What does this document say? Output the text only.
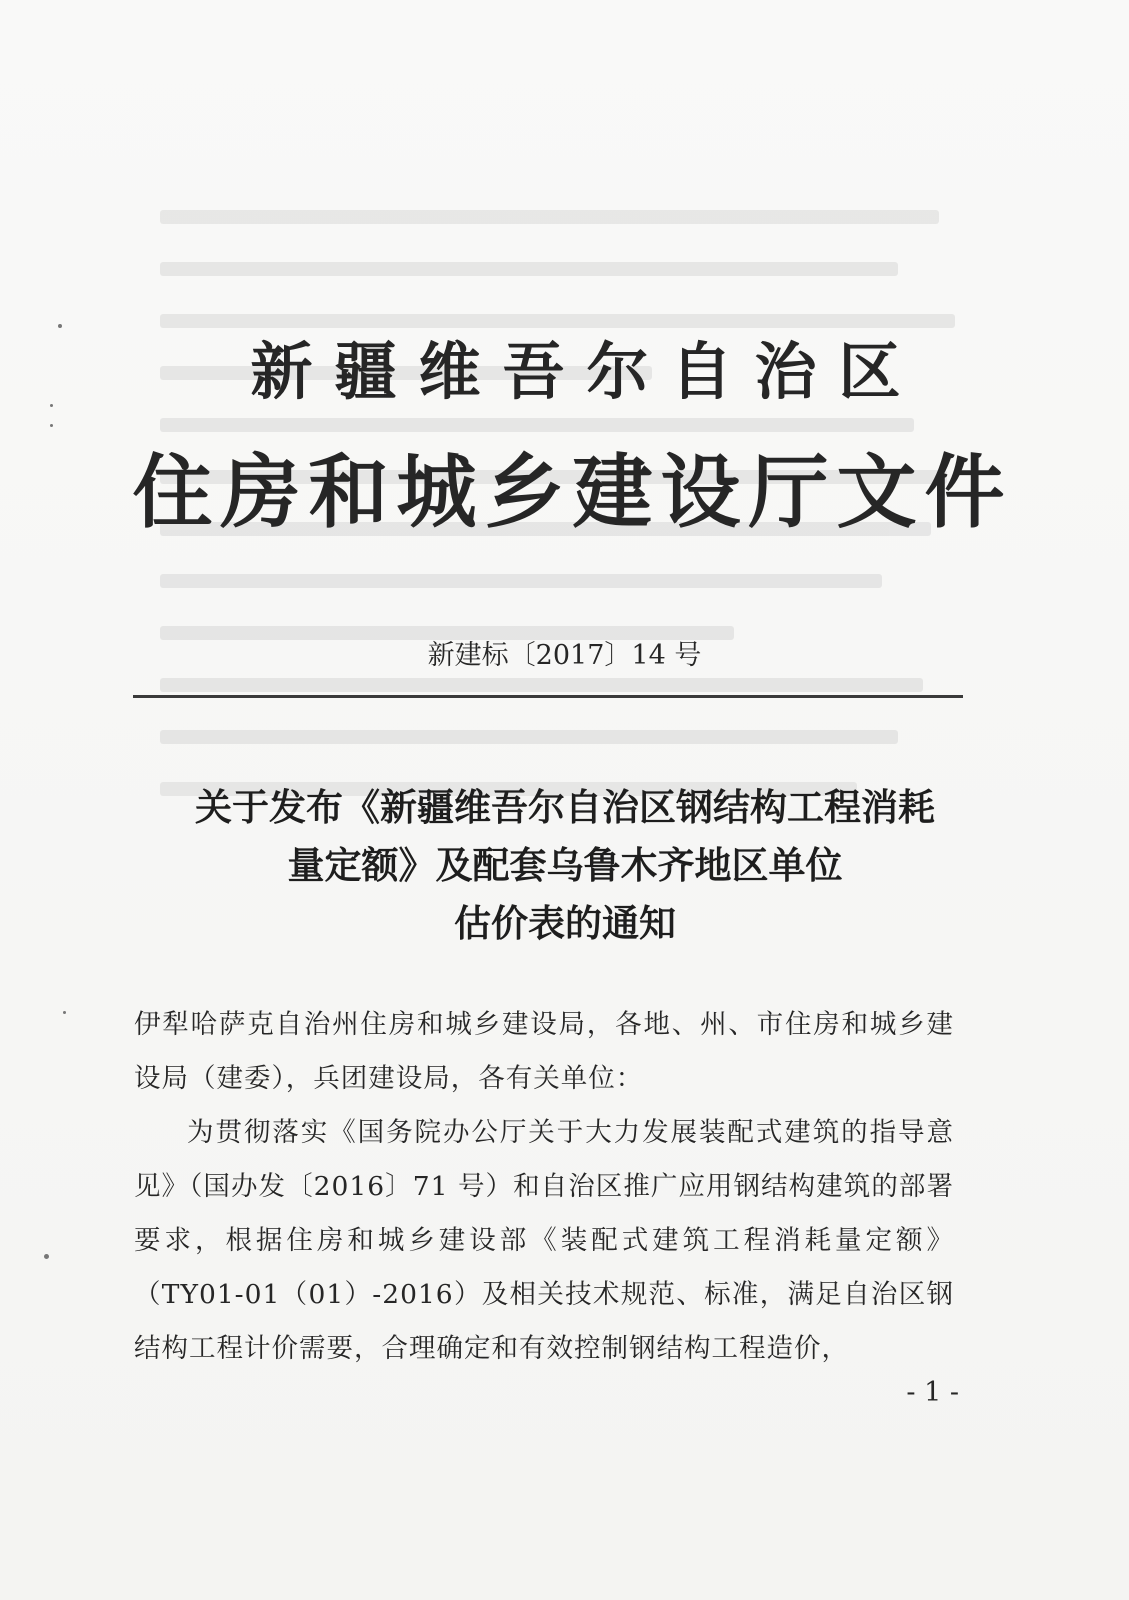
新疆维吾尔自治区
住房和城乡建设厅文件
新建标〔2017〕14 号
关于发布《新疆维吾尔自治区钢结构工程消耗
量定额》及配套乌鲁木齐地区单位
估价表的通知

伊犁哈萨克自治州住房和城乡建设局，各地、州、市住房和城乡建设局（建委），兵团建设局，各有关单位：

为贯彻落实《国务院办公厅关于大力发展装配式建筑的指导意见》（国办发〔2016〕71 号）和自治区推广应用钢结构建筑的部署要求，根据住房和城乡建设部《装配式建筑工程消耗量定额》（TY01-01（01）-2016）及相关技术规范、标准，满足自治区钢结构工程计价需要，合理确定和有效控制钢结构工程造价，

- 1 -
